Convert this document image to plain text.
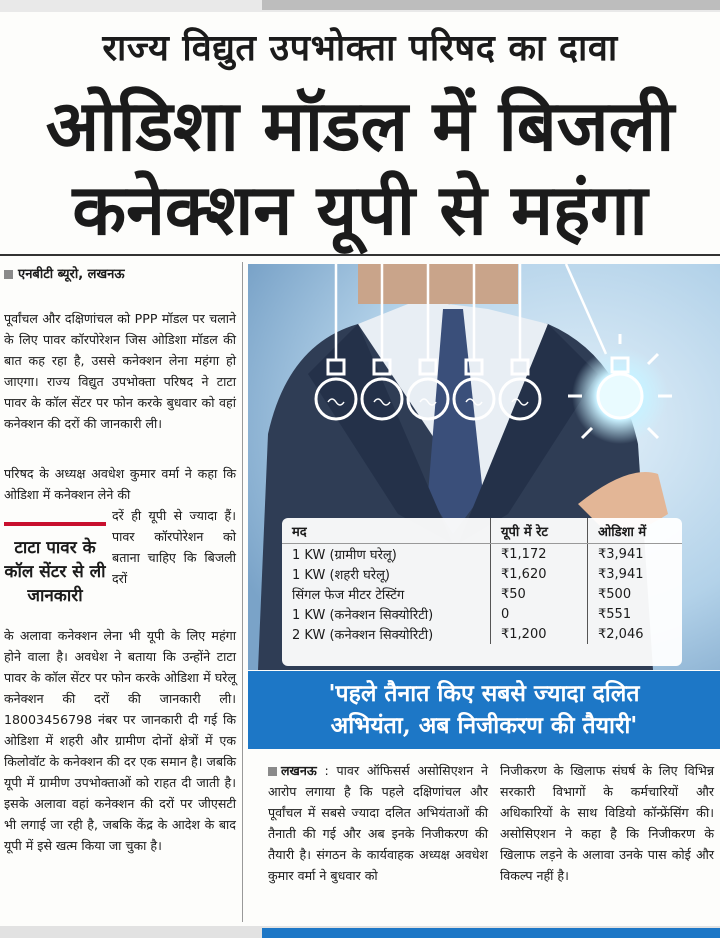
राज्य विद्युत उपभोक्ता परिषद का दावा
ओडिशा मॉडल में बिजली
कनेक्शन यूपी से महंगा
एनबीटी ब्यूरो, लखनऊ
पूर्वांचल और दक्षिणांचल को PPP मॉडल पर चलाने के लिए पावर कॉरपोरेशन जिस ओडिशा मॉडल की बात कह रहा है, उससे कनेक्शन लेना महंगा हो जाएगा। राज्य विद्युत उपभोक्ता परिषद ने टाटा पावर के कॉल सेंटर पर फोन करके बुधवार को वहां कनेक्शन की दरों की जानकारी ली।
परिषद के अध्यक्ष अवधेश कुमार वर्मा ने कहा कि ओडिशा में कनेक्शन लेने की
टाटा पावर के कॉल सेंटर से ली जानकारी
दरें ही यूपी से ज्यादा हैं। पावर कॉरपोरेशन को बताना चाहिए कि बिजली दरों
के अलावा कनेक्शन लेना भी यूपी के लिए महंगा होने वाला है। अवधेश ने बताया कि उन्होंने टाटा पावर के कॉल सेंटर पर फोन करके ओडिशा में घरेलू कनेक्शन की दरों की जानकारी ली। 18003456798 नंबर पर जानकारी दी गई कि ओडिशा में शहरी और ग्रामीण दोनों क्षेत्रों में एक किलोवॉट के कनेक्शन की दर एक समान है। जबकि यूपी में ग्रामीण उपभोक्ताओं को राहत दी जाती है। इसके अलावा वहां कनेक्शन की दरों पर जीएसटी भी लगाई जा रही है, जबकि केंद्र के आदेश के बाद यूपी में इसे खत्म किया जा चुका है।
मद	यूपी में रेट	ओडिशा में
1 KW (ग्रामीण घरेलू)	₹1,172	₹3,941
1 KW (शहरी घरेलू)	₹1,620	₹3,941
सिंगल फेज मीटर टेस्टिंग	₹50	₹500
1 KW (कनेक्शन सिक्योरिटी)	0	₹551
2 KW (कनेक्शन सिक्योरिटी)	₹1,200	₹2,046
'पहले तैनात किए सबसे ज्यादा दलित
अभियंता, अब निजीकरण की तैयारी'
लखनऊ : पावर ऑफिसर्स असोसिएशन ने आरोप लगाया है कि पहले दक्षिणांचल और पूर्वांचल में सबसे ज्यादा दलित अभियंताओं की तैनाती की गई और अब इनके निजीकरण की तैयारी है। संगठन के कार्यवाहक अध्यक्ष अवधेश कुमार वर्मा ने बुधवार को
निजीकरण के खिलाफ संघर्ष के लिए विभिन्न सरकारी विभागों के कर्मचारियों और अधिकारियों के साथ विडियो कॉन्फ्रेंसिंग की। असोसिएशन ने कहा है कि निजीकरण के खिलाफ लड़ने के अलावा उनके पास कोई और विकल्प नहीं है।
